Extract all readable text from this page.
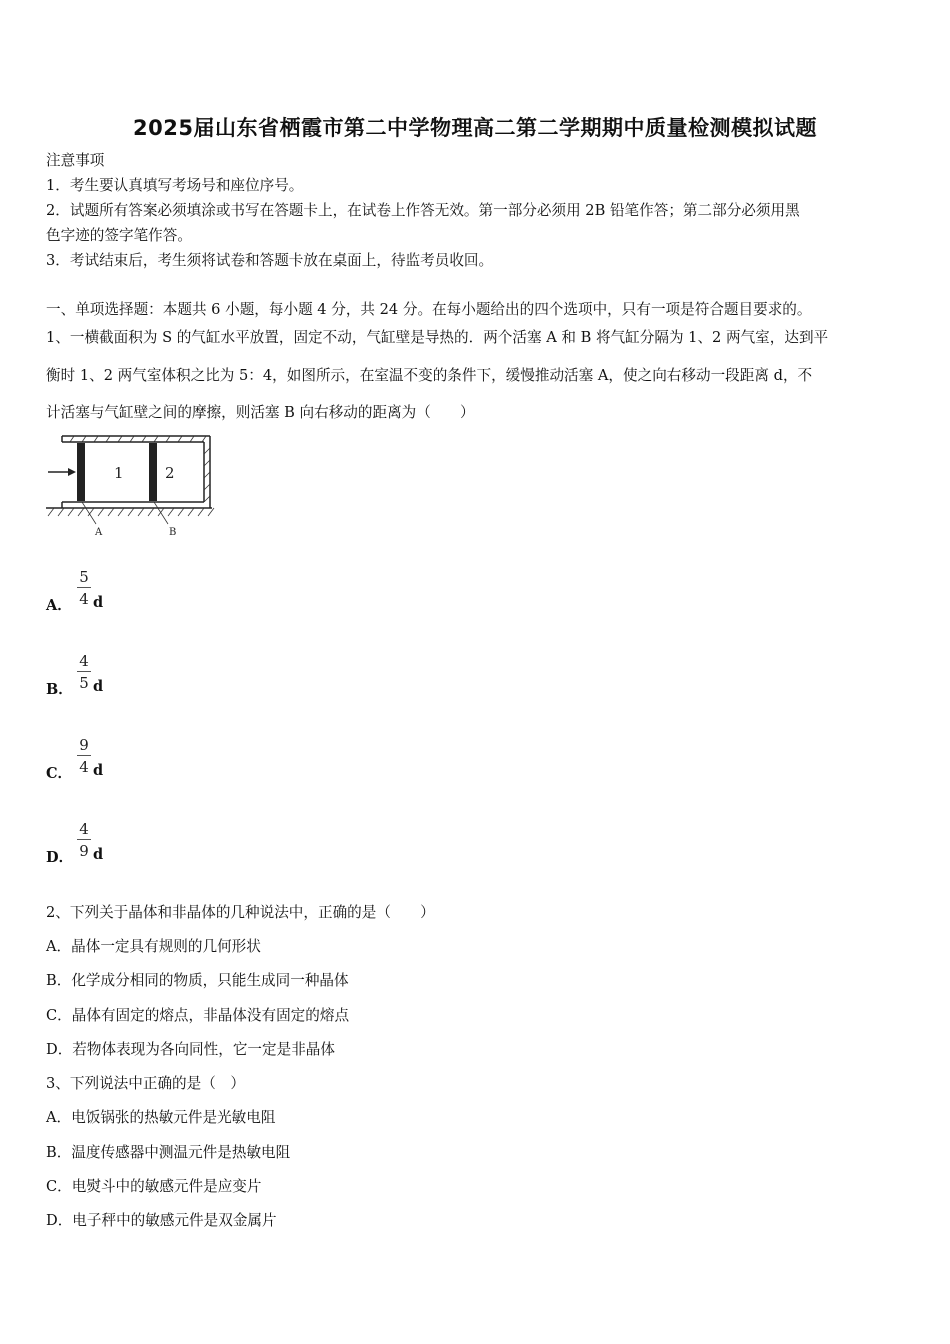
2025届山东省栖霞市第二中学物理高二第二学期期中质量检测模拟试题
注意事项
1．考生要认真填写考场号和座位序号。
2．试题所有答案必须填涂或书写在答题卡上，在试卷上作答无效。第一部分必须用 2B 铅笔作答；第二部分必须用黑
色字迹的签字笔作答。
3．考试结束后，考生须将试卷和答题卡放在桌面上，待监考员收回。
一、单项选择题：本题共 6 小题，每小题 4 分，共 24 分。在每小题给出的四个选项中，只有一项是符合题目要求的。
1、一横截面积为 S 的气缸水平放置，固定不动，气缸壁是导热的．两个活塞 A 和 B 将气缸分隔为 1、2 两气室，达到平
衡时 1、2 两气室体积之比为 5：4，如图所示，在室温不变的条件下，缓慢推动活塞 A，使之向右移动一段距离 d，不
计活塞与气缸壁之间的摩擦，则活塞 B 向右移动的距离为（　　）
1	2
A	B
A．
5
4 d
B．
4
5 d
C．
9
4 d
D．
4
9 d
2、下列关于晶体和非晶体的几种说法中，正确的是（　　）
A．晶体一定具有规则的几何形状
B．化学成分相同的物质，只能生成同一种晶体
C．晶体有固定的熔点，非晶体没有固定的熔点
D．若物体表现为各向同性，它一定是非晶体
3、下列说法中正确的是（　）
A．电饭锅张的热敏元件是光敏电阻
B．温度传感器中测温元件是热敏电阻
C．电熨斗中的敏感元件是应变片
D．电子秤中的敏感元件是双金属片
